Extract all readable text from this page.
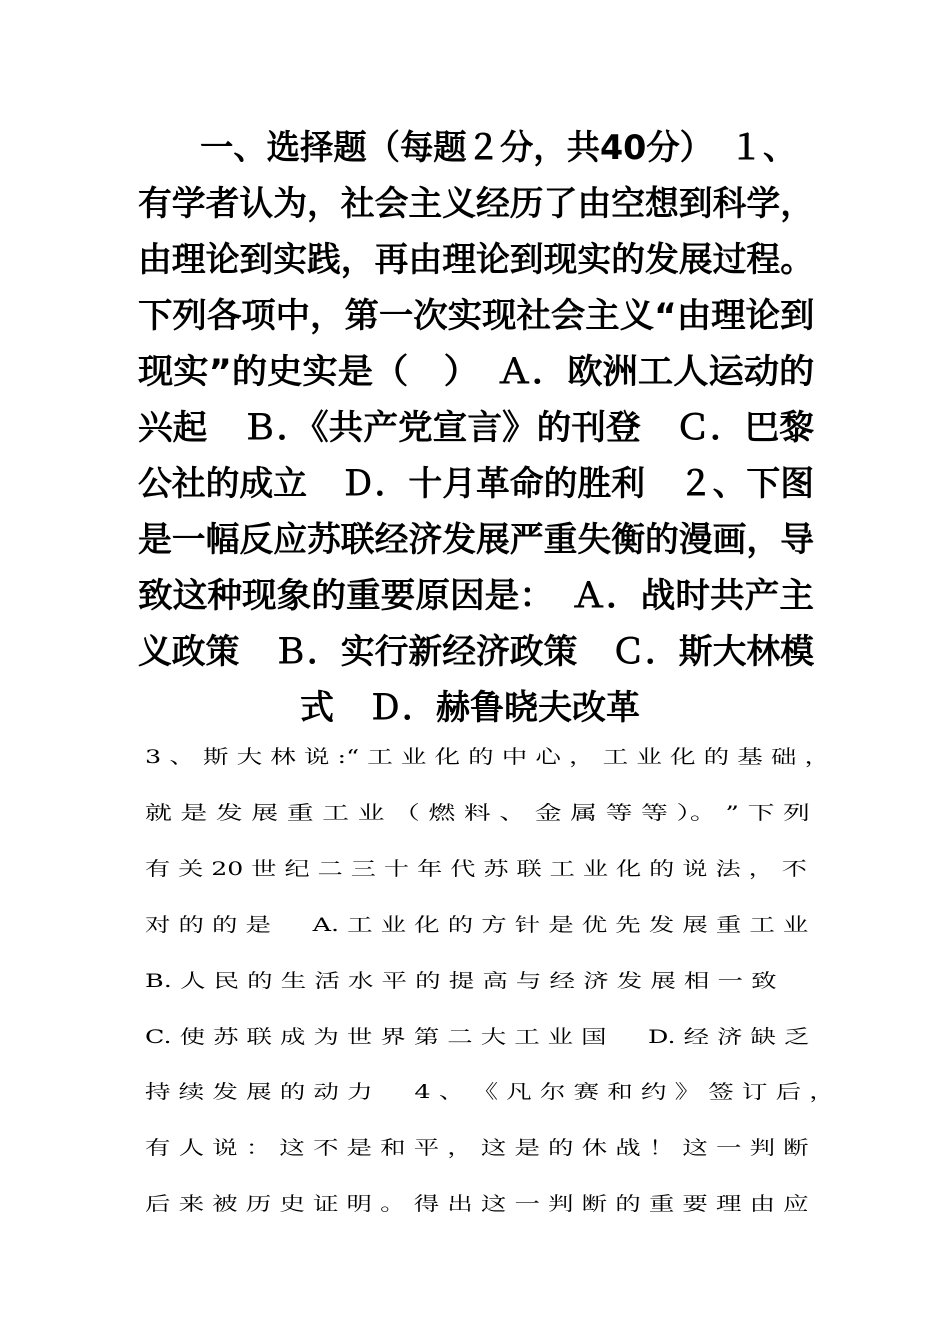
一、选择题（每题２分，共40分）　１、
有学者认为，社会主义经历了由空想到科学，
由理论到实践，再由理论到现实的发展过程。
下列各项中，第一次实现社会主义“由理论到
现实”的史实是（　）　Ａ．欧洲工人运动的
兴起　Ｂ．《共产党宣言》的刊登　Ｃ．巴黎
公社的成立　Ｄ．十月革命的胜利　２、下图
是一幅反应苏联经济发展严重失衡的漫画，导
致这种现象的重要原因是：　Ａ．战时共产主
义政策　Ｂ．实行新经济政策　Ｃ．斯大林模
式　Ｄ．赫鲁晓夫改革
3 、 斯 大 林 说 :“ 工 业 化 的 中 心 ， 工 业 化 的 基 础 ，
就 是 发 展 重 工 业 （ 燃 料 、 金 属 等 等 ）。 ” 下 列
有 关 20 世 纪 二 三 十 年 代 苏 联 工 业 化 的 说 法 ， 不
对 的 的 是 　 A. 工 业 化 的 方 针 是 优 先 发 展 重 工 业
B. 人 民 的 生 活 水 平 的 提 高 与 经 济 发 展 相 一 致
C. 使 苏 联 成 为 世 界 第 二 大 工 业 国 　 D. 经 济 缺 乏
持 续 发 展 的 动 力 　 4 、 《 凡 尔 赛 和 约 》 签 订 后 ，
有 人 说 ： 这 不 是 和 平 ， 这 是 的 休 战 ！ 这 一 判 断
后 来 被 历 史 证 明 。 得 出 这 一 判 断 的 重 要 理 由 应
